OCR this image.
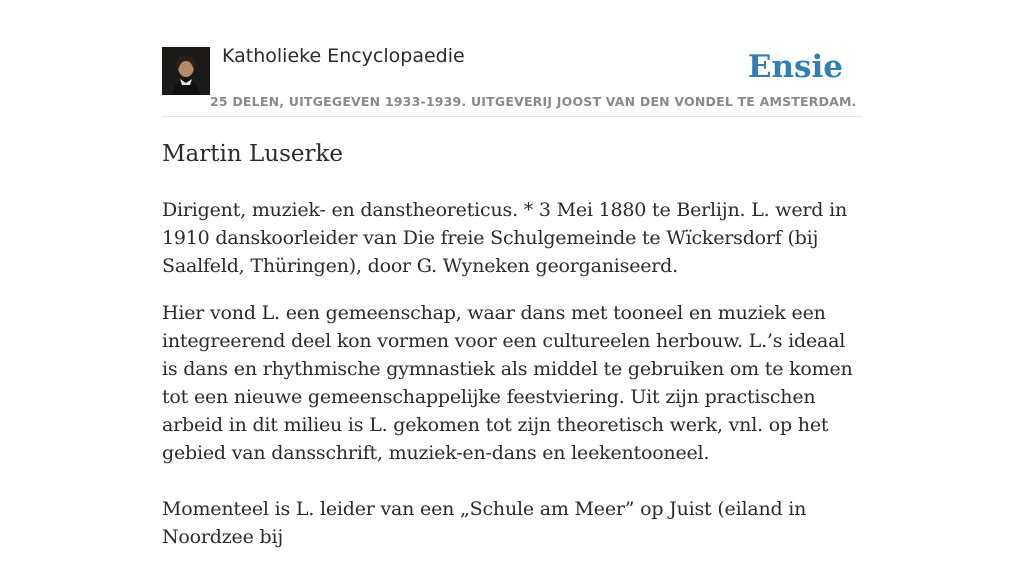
Katholieke Encyclopaedie
25 DELEN, UITGEGEVEN 1933-1939. UITGEVERIJ JOOST VAN DEN VONDEL TE AMSTERDAM.
Ensie
Martin Luserke

Dirigent, muziek- en danstheoreticus. * 3 Mei 1880 te Berlijn. L. werd in 1910 danskoorleider van Die freie Schulgemeinde te Wïckersdorf (bij Saalfeld, Thüringen), door G. Wyneken georganiseerd.

Hier vond L. een gemeenschap, waar dans met tooneel en muziek een integreerend deel kon vormen voor een cultureelen herbouw. L.’s ideaal is dans en rhythmische gymnastiek als middel te gebruiken om te komen tot een nieuwe gemeenschappelijke feestviering. Uit zijn practischen arbeid in dit milieu is L. gekomen tot zijn theoretisch werk, vnl. op het gebied van dansschrift, muziek-en-dans en leekentooneel.

Momenteel is L. leider van een „Schule am Meer” op Juist (eiland in Noordzee bij
